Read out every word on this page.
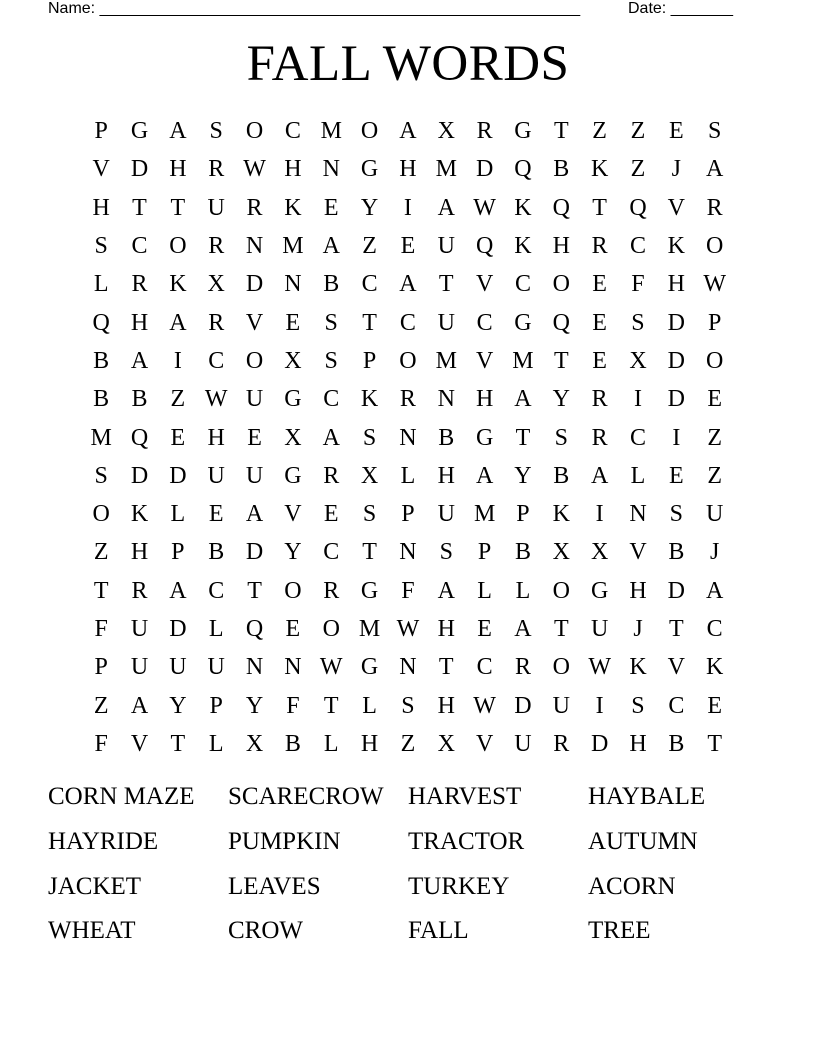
Name: ______________________________________________________	Date: _______
FALL WORDS
P G A S O C M O A X R G T Z Z E	S
V D H R W H N G H M D Q B K Z	J	A
H T T U R K E Y	I	A W K Q T Q V R
S C O R N M A Z E U Q K H R C K O
L R K X D N B C A T V C O E	F H W
Q H A R V E	S	T C U C G Q E	S D P
B A	I	C O X S	P O M V M T E X D O
B B Z W U G C K R N H A Y R	I	D E
M Q E H E X A S N B G T	S R C	I	Z
S D D U U G R X L H A Y B A L E Z
O K L E A V E	S	P U M P K	I	N S U
Z H P B D Y C T N S	P B X X V B	J
T R A C T O R G F A L L O G H D A
F U D L Q E O M W H E A T U	J	T C
P U U U N N W G N T C R O W K V K
Z A Y P Y F	T L	S H W D U	I	S C E
F V T L X B L H Z X V U R D H B T
CORN MAZE	SCARECROW HARVEST	HAYBALE
HAYRIDE	PUMPKIN	TRACTOR	AUTUMN
JACKET	LEAVES	TURKEY	ACORN
WHEAT	CROW	FALL	TREE
